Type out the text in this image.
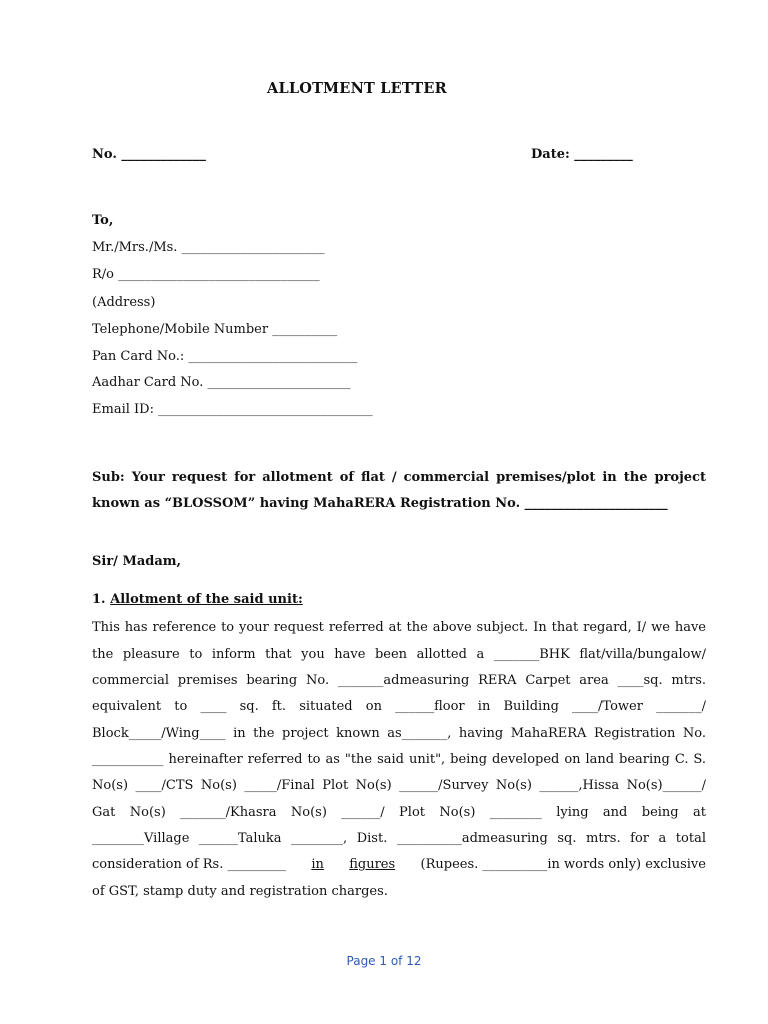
ALLOTMENT LETTER
No. _____________	Date: _________
To,
Mr./Mrs./Ms. ______________________
R/o _______________________________
(Address)
Telephone/Mobile Number __________
Pan Card No.: __________________________
Aadhar Card No. ______________________
Email ID: _________________________________
Sub: Your request for allotment of flat / commercial premises/plot in the project
known as “BLOSSOM” having MahaRERA Registration No. ______________________
Sir/ Madam,
1. Allotment of the said unit:
This has reference to your request referred at the above subject. In that regard, I/ we have
the pleasure to inform that you have been allotted a _______BHK flat/villa/bungalow/
commercial premises bearing No. _______admeasuring RERA Carpet area ____sq. mtrs.
equivalent to ____ sq. ft. situated on ______floor in Building ____/Tower _______/
Block_____/Wing____ in the project known as_______, having MahaRERA Registration No.
___________ hereinafter referred to as "the said unit", being developed on land bearing C. S.
No(s) ____/CTS No(s) _____/Final Plot No(s) ______/Survey No(s) ______,Hissa No(s)______/
Gat No(s) _______/Khasra No(s) ______/ Plot No(s) ________ lying and being at
________Village ______Taluka ________, Dist. __________admeasuring sq. mtrs. for a total
consideration of Rs. _________ in figures (Rupees. __________in words only) exclusive
of GST, stamp duty and registration charges.
Page 1 of 12
